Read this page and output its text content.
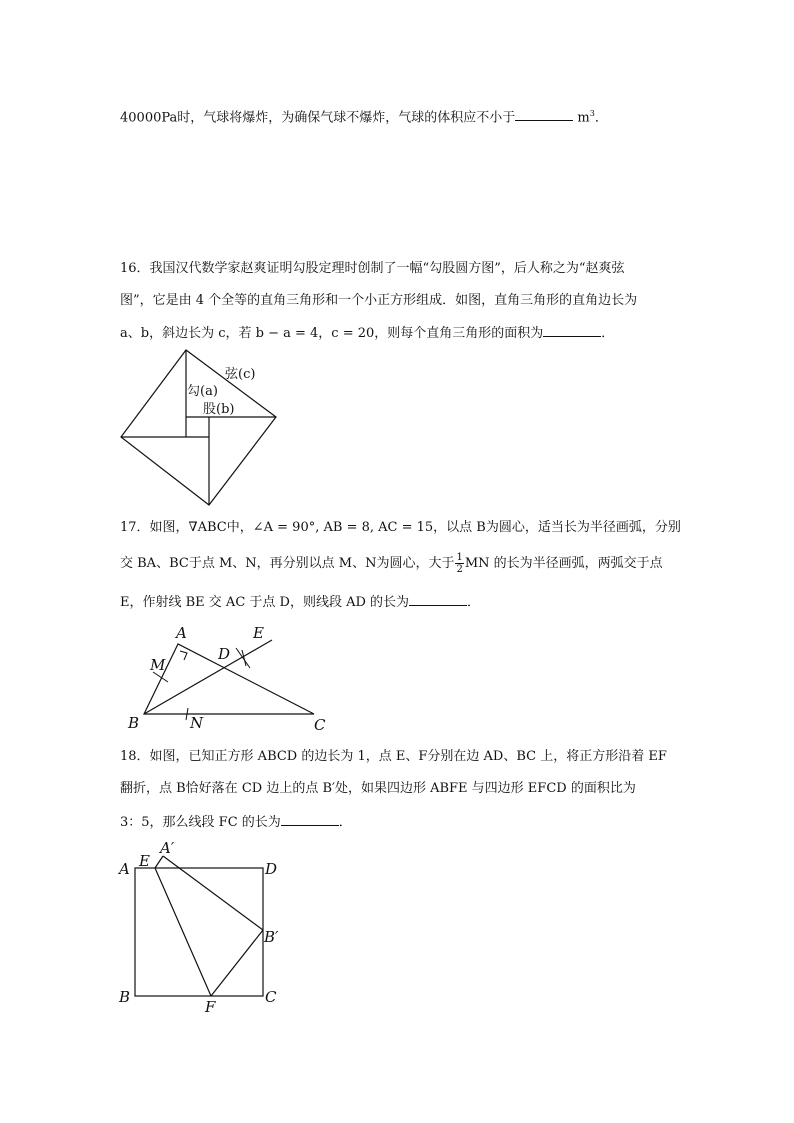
40000Pa时，气球将爆炸，为确保气球不爆炸，气球的体积应不小于	$m^3$．
16．我国汉代数学家赵爽证明勾股定理时创制了一幅“勾股圆方图”，后人称之为“赵爽弦
图”，它是由 4 个全等的直角三角形和一个小正方形组成．如图，直角三角形的直角边长为
a、b，斜边长为 c，若 b − a = 4，c = 20，则每个直角三角形的面积为	．
弦(c)
勾(a)
股(b)
17．如图，∇ABC中，∠A = 90°, AB = 8, AC = 15，以点 B为圆心，适当长为半径画弧，分别
交 BA、BC于点 M、N，再分别以点 M、N为圆心，大于 $\frac{1}{2}$ MN 的长为半径画弧，两弧交于点
E，作射线 BE 交 AC 于点 D，则线段 AD 的长为	．
A
M
D
E
B	N	C
18．如图，已知正方形 ABCD 的边长为 1，点 E、F分别在边 AD、BC 上，将正方形沿着 EF
翻折，点 B恰好落在 CD 边上的点 B′处，如果四边形 ABFE 与四边形 EFCD 的面积比为
3：5，那么线段 FC 的长为	．
A E
A′
D
B′
B
F
C
